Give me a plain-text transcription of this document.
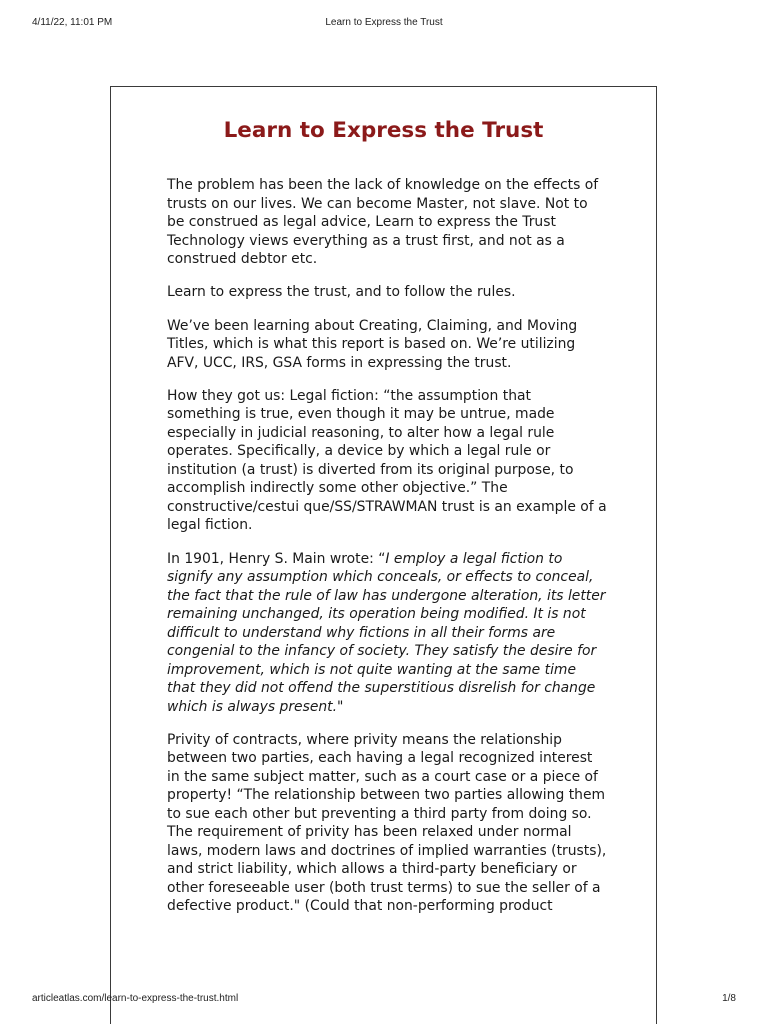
4/11/22, 11:01 PM	Learn to Express the Trust
Learn to Express the Trust

The problem has been the lack of knowledge on the effects of trusts on our lives. We can become Master, not slave. Not to be construed as legal advice, Learn to express the Trust Technology views everything as a trust first, and not as a construed debtor etc.

Learn to express the trust, and to follow the rules.

We’ve been learning about Creating, Claiming, and Moving Titles, which is what this report is based on. We’re utilizing AFV, UCC, IRS, GSA forms in expressing the trust.

How they got us: Legal fiction: “the assumption that something is true, even though it may be untrue, made especially in judicial reasoning, to alter how a legal rule operates. Specifically, a device by which a legal rule or institution (a trust) is diverted from its original purpose, to accomplish indirectly some other objective.” The constructive/cestui que/SS/STRAWMAN trust is an example of a legal fiction.

In 1901, Henry S. Main wrote: “I employ a legal fiction to signify any assumption which conceals, or effects to conceal, the fact that the rule of law has undergone alteration, its letter remaining unchanged, its operation being modified. It is not difficult to understand why fictions in all their forms are congenial to the infancy of society. They satisfy the desire for improvement, which is not quite wanting at the same time that they did not offend the superstitious disrelish for change which is always present."

Privity of contracts, where privity means the relationship between two parties, each having a legal recognized interest in the same subject matter, such as a court case or a piece of property! “The relationship between two parties allowing them to sue each other but preventing a third party from doing so. The requirement of privity has been relaxed under normal laws, modern laws and doctrines of implied warranties (trusts), and strict liability, which allows a third-party beneficiary or other foreseeable user (both trust terms) to sue the seller of a defective product." (Could that non-performing product

articleatlas.com/learn-to-express-the-trust.html	1/8
